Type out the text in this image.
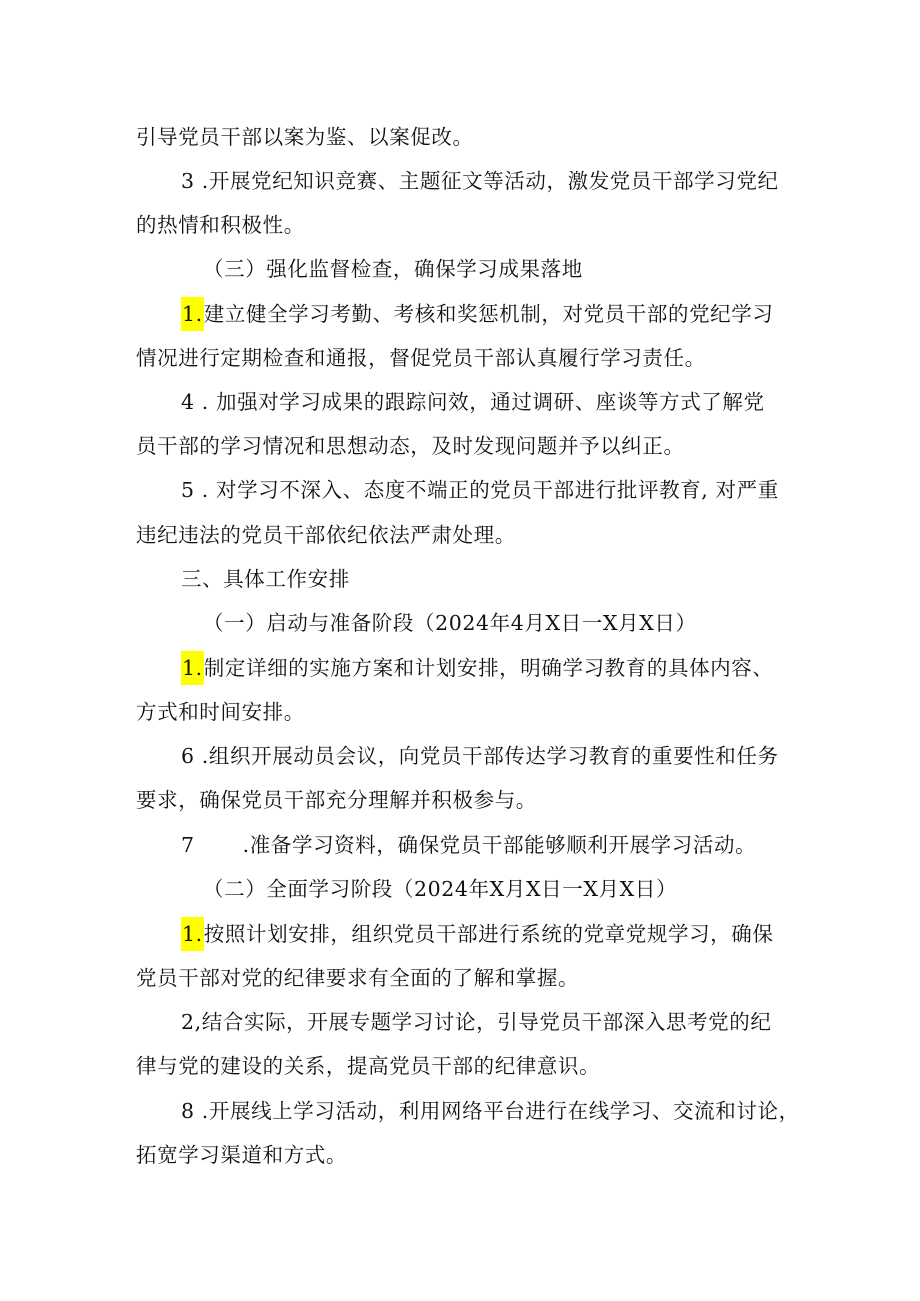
引导党员干部以案为鉴、以案促改。
3 .开展党纪知识竞赛、主题征文等活动，激发党员干部学习党纪
的热情和积极性。
（三）强化监督检查，确保学习成果落地
1.建立健全学习考勤、考核和奖惩机制，对党员干部的党纪学习
情况进行定期检查和通报，督促党员干部认真履行学习责任。
4 . 加强对学习成果的跟踪问效，通过调研、座谈等方式了解党
员干部的学习情况和思想动态，及时发现问题并予以纠正。
5 . 对学习不深入、态度不端正的党员干部进行批评教育, 对严重
违纪违法的党员干部依纪依法严肃处理。
三、具体工作安排
（一）启动与准备阶段（2024年4月X日一X月X日）
1.制定详细的实施方案和计划安排，明确学习教育的具体内容、
方式和时间安排。
6 .组织开展动员会议，向党员干部传达学习教育的重要性和任务
要求，确保党员干部充分理解并积极参与。
7 .准备学习资料，确保党员干部能够顺利开展学习活动。
（二）全面学习阶段（2024年X月X日一X月X日）
1.按照计划安排，组织党员干部进行系统的党章党规学习，确保
党员干部对党的纪律要求有全面的了解和掌握。
2,结合实际，开展专题学习讨论，引导党员干部深入思考党的纪
律与党的建设的关系，提高党员干部的纪律意识。
8 .开展线上学习活动，利用网络平台进行在线学习、交流和讨论，
拓宽学习渠道和方式。
